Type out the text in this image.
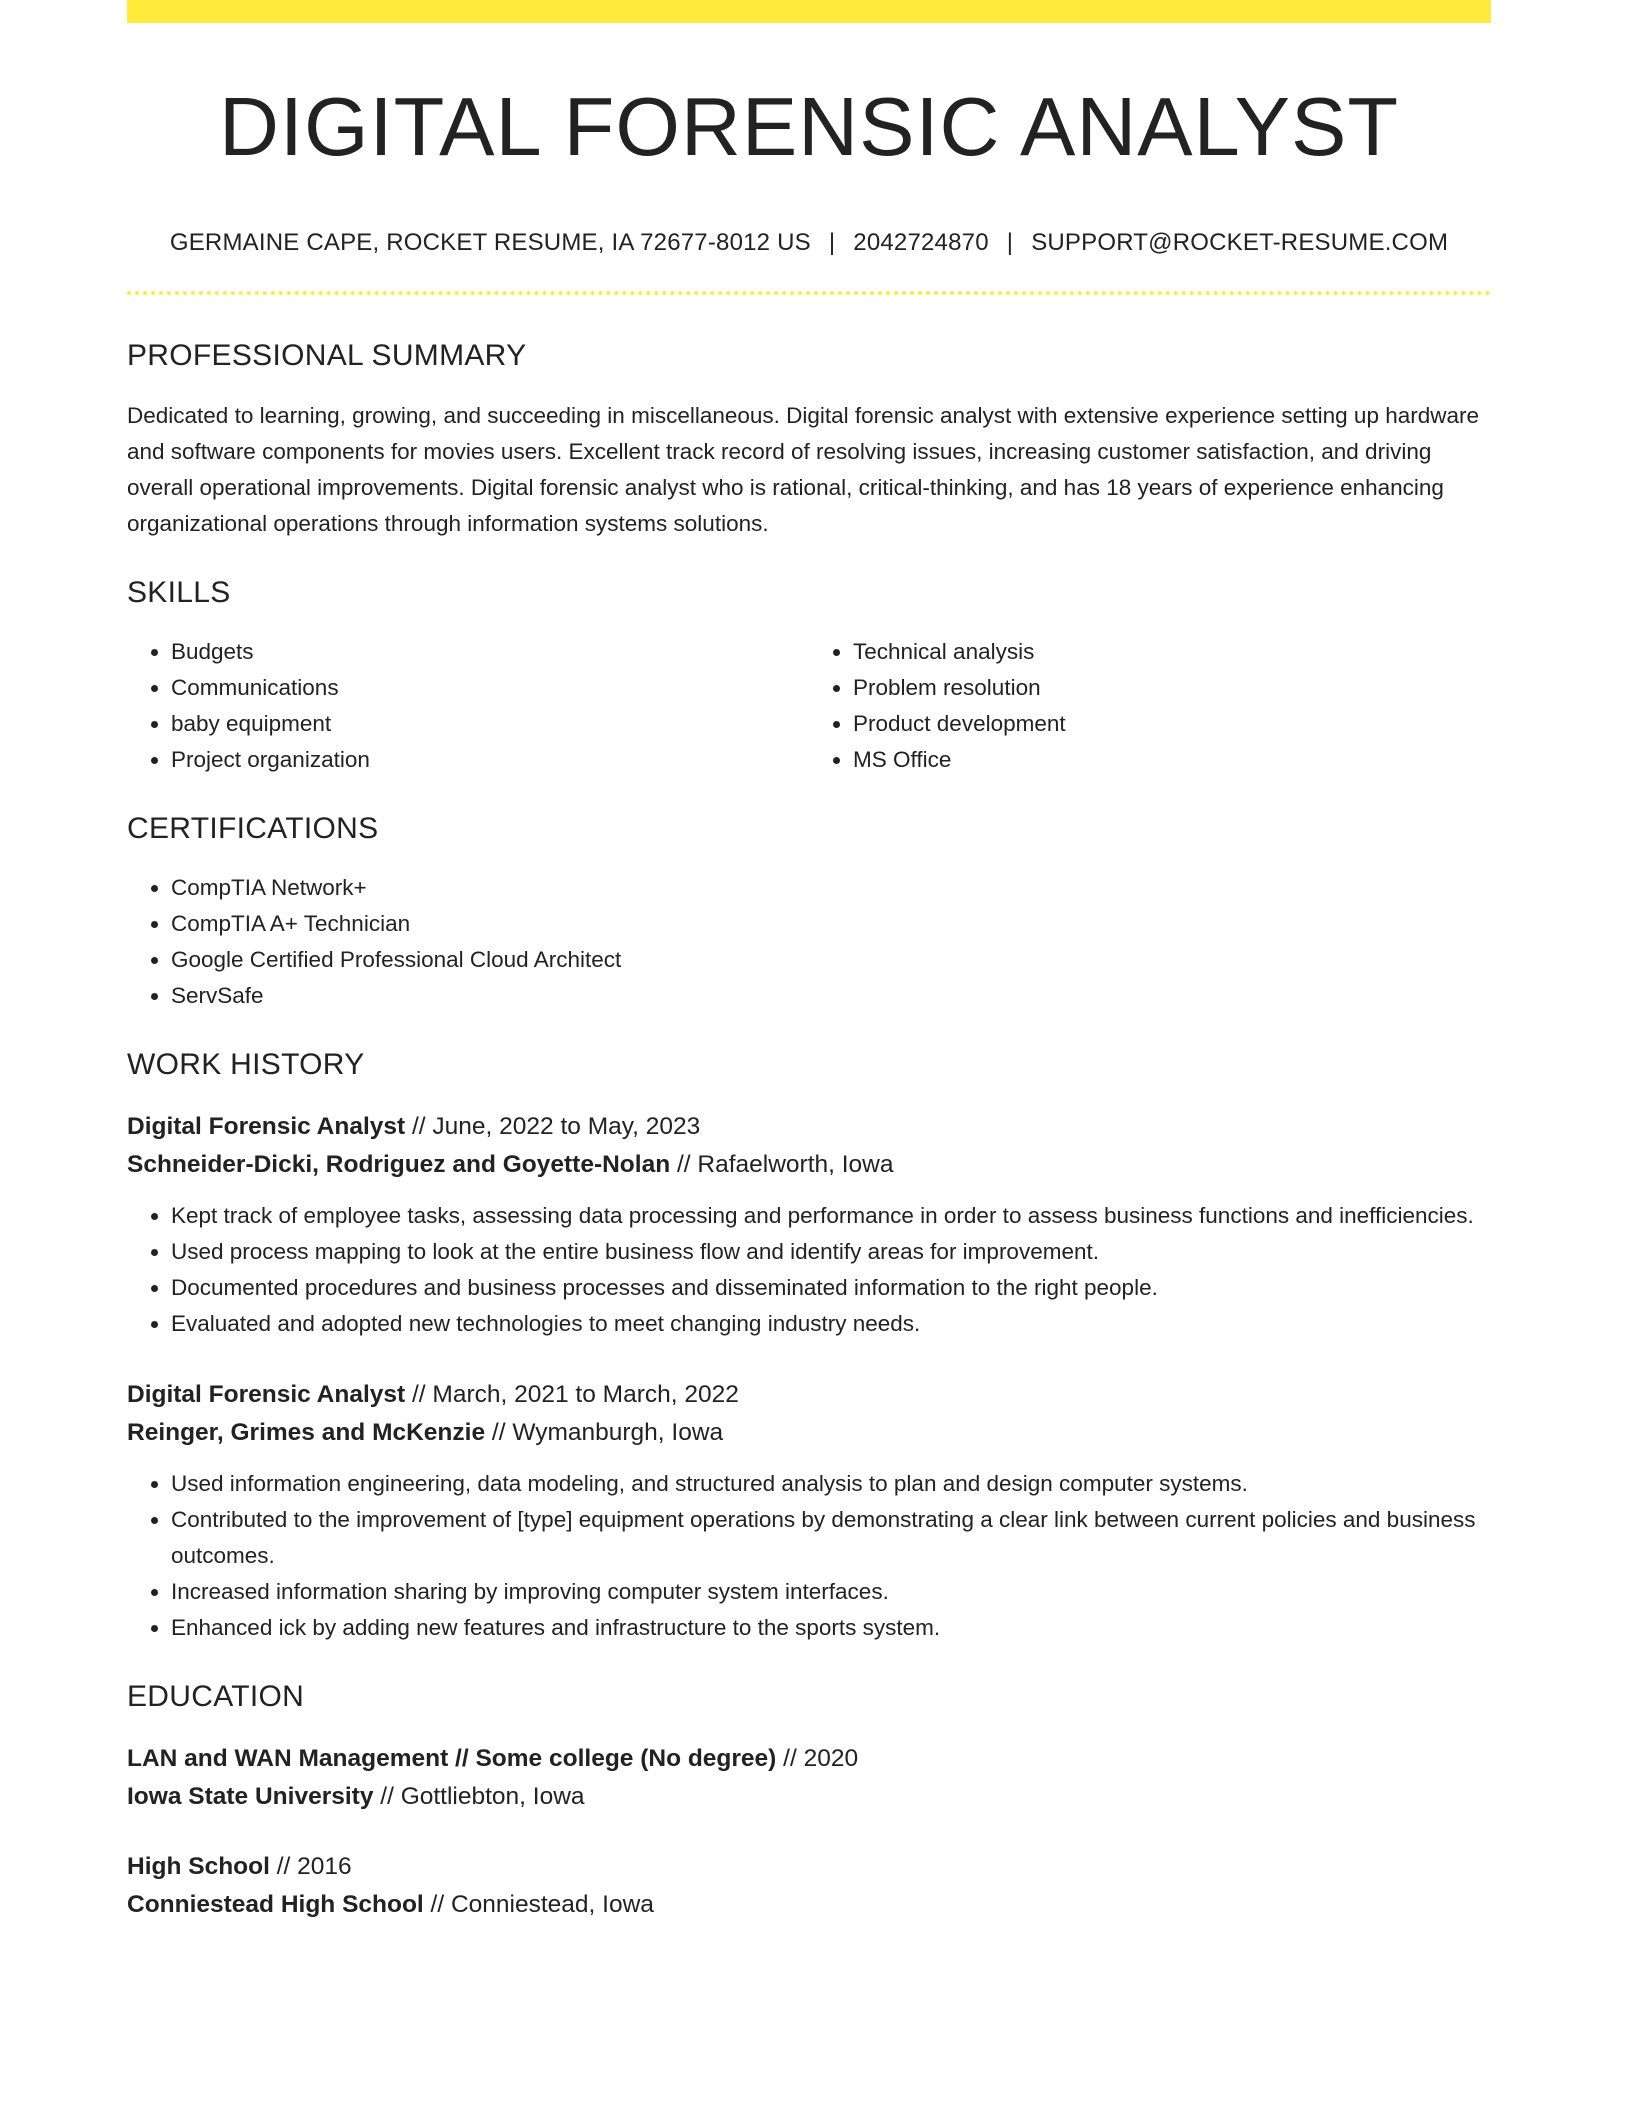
DIGITAL FORENSIC ANALYST
GERMAINE CAPE, ROCKET RESUME, IA 72677-8012 US | 2042724870 | SUPPORT@ROCKET-RESUME.COM
PROFESSIONAL SUMMARY

Dedicated to learning, growing, and succeeding in miscellaneous. Digital forensic analyst with extensive experience setting up hardware and software components for movies users. Excellent track record of resolving issues, increasing customer satisfaction, and driving overall operational improvements. Digital forensic analyst who is rational, critical-thinking, and has 18 years of experience enhancing organizational operations through information systems solutions.

SKILLS
• Budgets
• Communications
• baby equipment
• Project organization
• Technical analysis
• Problem resolution
• Product development
• MS Office
CERTIFICATIONS
• CompTIA Network+
• CompTIA A+ Technician
• Google Certified Professional Cloud Architect
• ServSafe
WORK HISTORY
Digital Forensic Analyst // June, 2022 to May, 2023
Schneider-Dicki, Rodriguez and Goyette-Nolan // Rafaelworth, Iowa
• Kept track of employee tasks, assessing data processing and performance in order to assess business functions and inefficiencies.
• Used process mapping to look at the entire business flow and identify areas for improvement.
• Documented procedures and business processes and disseminated information to the right people.
• Evaluated and adopted new technologies to meet changing industry needs.
Digital Forensic Analyst // March, 2021 to March, 2022
Reinger, Grimes and McKenzie // Wymanburgh, Iowa
• Used information engineering, data modeling, and structured analysis to plan and design computer systems.
• Contributed to the improvement of [type] equipment operations by demonstrating a clear link between current policies and business outcomes.
• Increased information sharing by improving computer system interfaces.
• Enhanced ick by adding new features and infrastructure to the sports system.
EDUCATION
LAN and WAN Management // Some college (No degree) // 2020
Iowa State University // Gottliebton, Iowa
High School // 2016
Conniestead High School // Conniestead, Iowa
